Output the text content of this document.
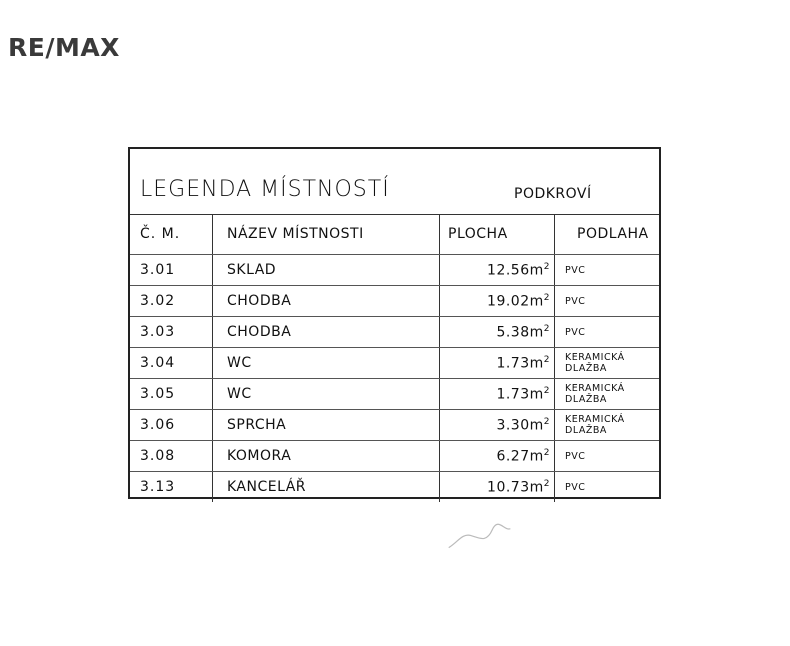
RE/MAX
LEGENDA MÍSTNOSTÍ	PODKROVÍ
Č. M.	NÁZEV MÍSTNOSTI	PLOCHA	PODLAHA
3.01	SKLAD	$12.56m^2$	PVC
3.02	CHODBA	$19.02m^2$	PVC
3.03	CHODBA	$5.38m^2$	PVC
3.04	WC	$1.73m^2$	KERAMICKÁ DLAŽBA
3.05	WC	$1.73m^2$	KERAMICKÁ DLAŽBA
3.06	SPRCHA	$3.30m^2$	KERAMICKÁ DLAŽBA
3.08	KOMORA	$6.27m^2$	PVC
3.13	KANCELÁŘ	$10.73m^2$	PVC
